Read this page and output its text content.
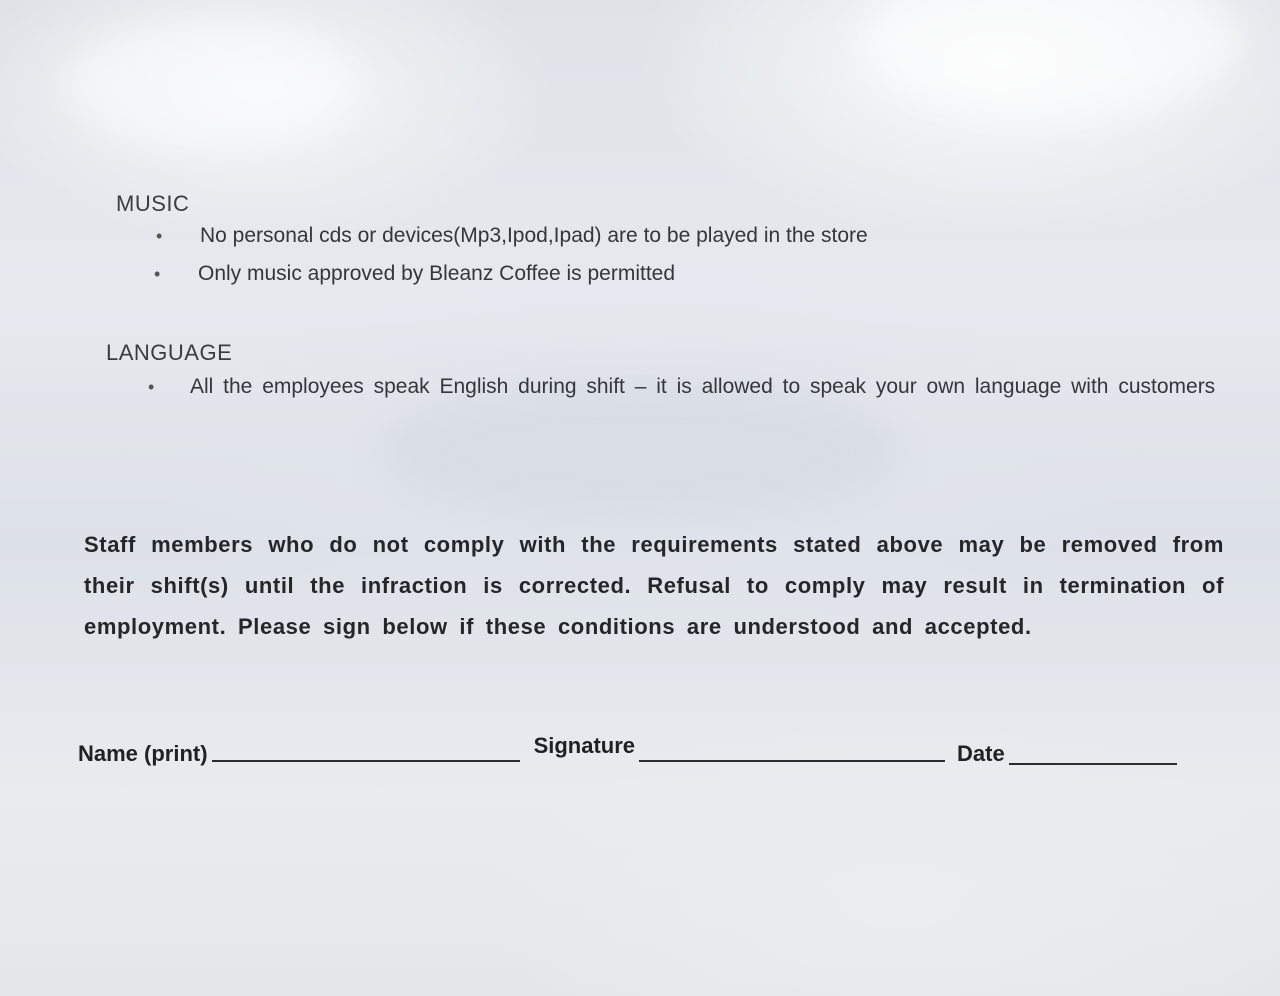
MUSIC
•	No personal cds or devices(Mp3,Ipod,Ipad) are to be played in the store
•	Only music approved by Bleanz Coffee is permitted
LANGUAGE
•	All the employees speak English during shift – it is allowed to speak your own language with customers
Staff members who do not comply with the requirements stated above may be removed from their shift(s) until the infraction is corrected. Refusal to comply may result in termination of employment. Please sign below if these conditions are understood and accepted.
Name (print)	Signature	Date
